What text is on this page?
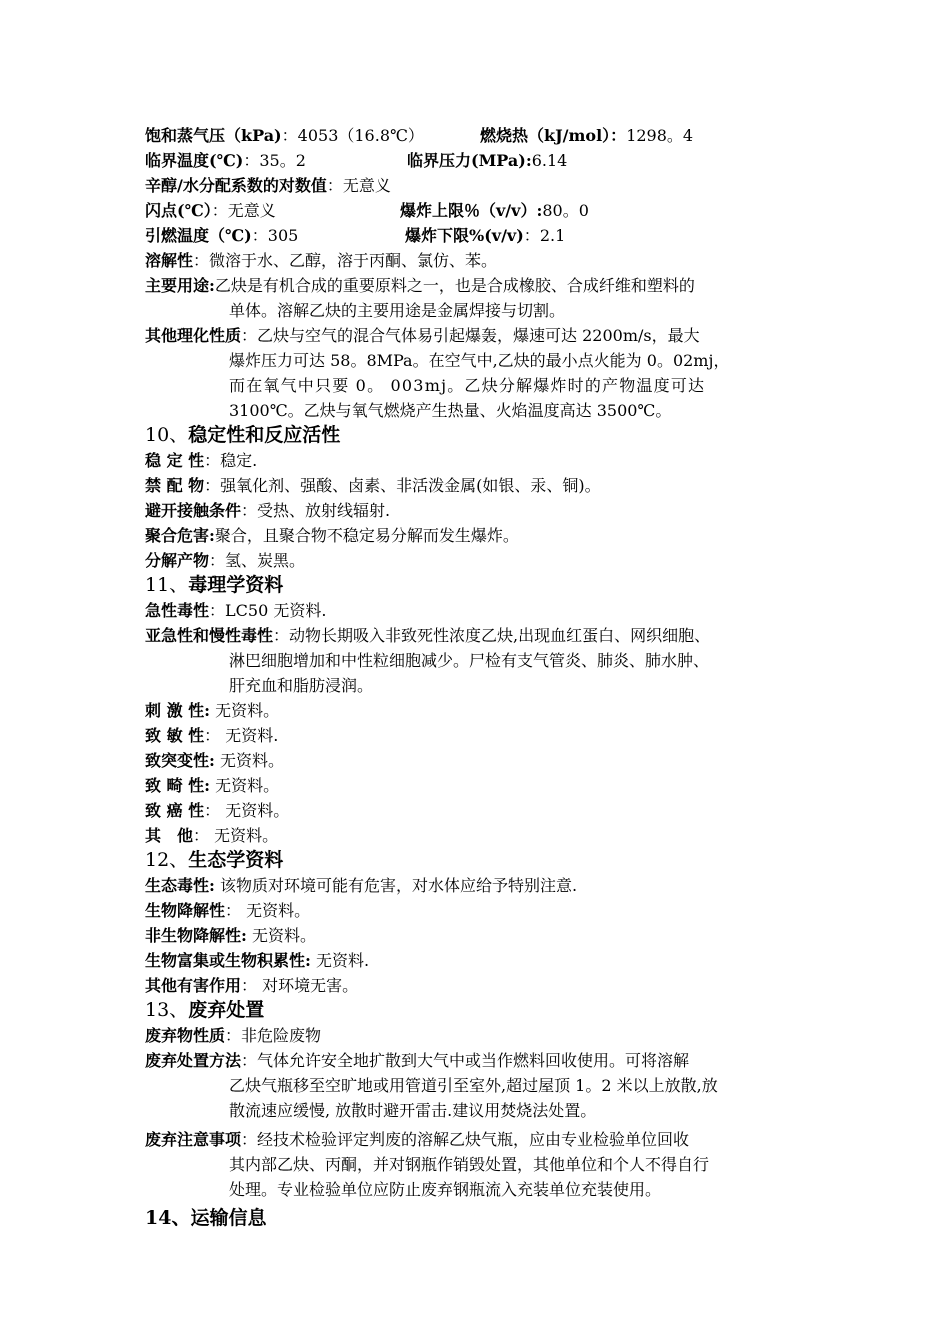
饱和蒸气压（kPa)：4053（16.8℃）	燃烧热（kJ/mol）：1298。4
临界温度(℃)：35。2	临界压力(MPa):6.14
辛醇/水分配系数的对数值：无意义
闪点(℃）：无意义	爆炸上限％（v/v）:80。0
引燃温度（℃)：305	爆炸下限%(v/v)：2.1
溶解性：微溶于水、乙醇，溶于丙酮、氯仿、苯。
主要用途:乙炔是有机合成的重要原料之一，也是合成橡胶、合成纤维和塑料的
单体。溶解乙炔的主要用途是金属焊接与切割。
其他理化性质：乙炔与空气的混合气体易引起爆轰，爆速可达 2200m/s，最大
爆炸压力可达 58。8MPa。在空气中,乙炔的最小点火能为 0。02mj，
而在氧气中只要 0。 003mj。乙炔分解爆炸时的产物温度可达
3100℃。乙炔与氧气燃烧产生热量、火焰温度高达 3500℃。
10、稳定性和反应活性
稳 定 性：稳定.
禁 配 物：强氧化剂、强酸、卤素、非活泼金属(如银、汞、铜)。
避开接触条件：受热、放射线辐射.
聚合危害:聚合，且聚合物不稳定易分解而发生爆炸。
分解产物：氢、炭黑。
11、毒理学资料
急性毒性：LC50 无资料.
亚急性和慢性毒性：动物长期吸入非致死性浓度乙炔,出现血红蛋白、网织细胞、
淋巴细胞增加和中性粒细胞减少。尸检有支气管炎、肺炎、肺水肿、
肝充血和脂肪浸润。
刺 激 性: 无资料。
致 敏 性： 无资料.
致突变性: 无资料。
致 畸 性: 无资料。
致 癌 性： 无资料。
其　他： 无资料。
12、生态学资料
生态毒性: 该物质对环境可能有危害，对水体应给予特别注意.
生物降解性： 无资料。
非生物降解性: 无资料。
生物富集或生物积累性: 无资料.
其他有害作用： 对环境无害。
13、废弃处置
废弃物性质：非危险废物
废弃处置方法：气体允许安全地扩散到大气中或当作燃料回收使用。可将溶解
乙炔气瓶移至空旷地或用管道引至室外,超过屋顶 1。2 米以上放散,放
散流速应缓慢, 放散时避开雷击.建议用焚烧法处置。
废弃注意事项：经技术检验评定判废的溶解乙炔气瓶，应由专业检验单位回收
其内部乙炔、丙酮，并对钢瓶作销毁处置，其他单位和个人不得自行
处理。专业检验单位应防止废弃钢瓶流入充装单位充装使用。
14、运输信息
